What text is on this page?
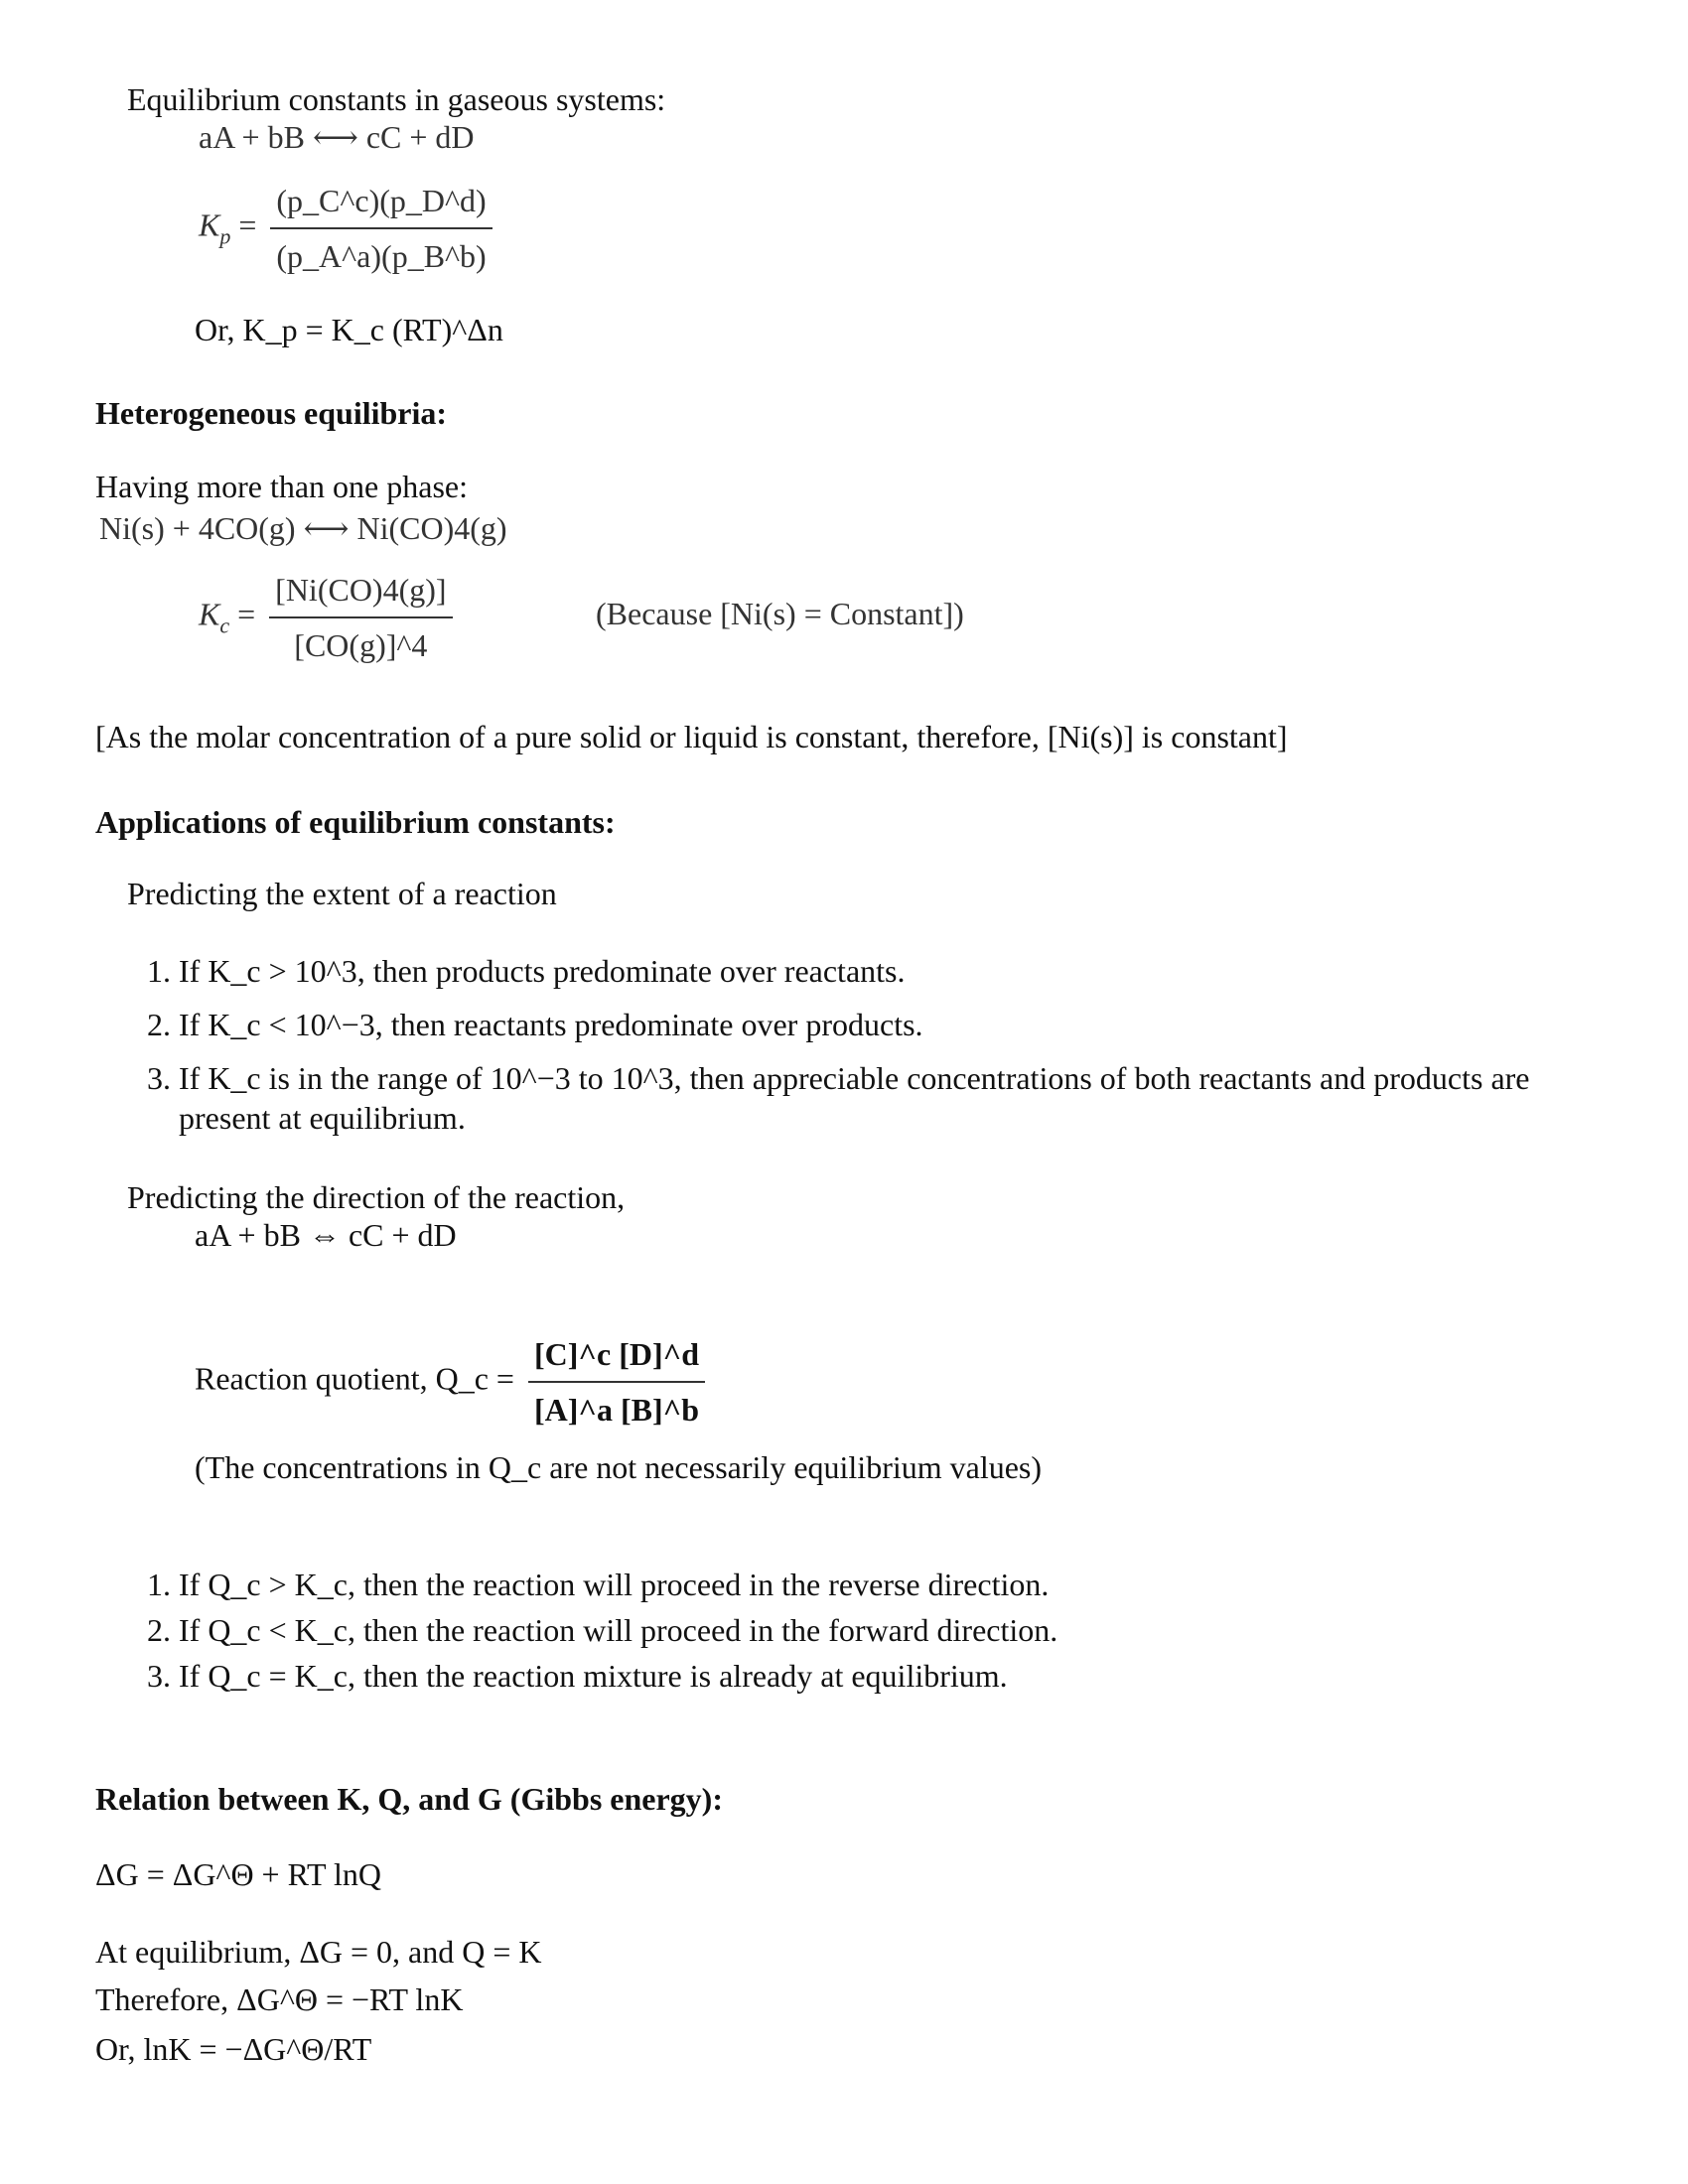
Equilibrium constants in gaseous systems:
aA + bB ⟷ cC + dD
$K_p = \frac{(p\_C\^{}c)(p\_D\^{}d)}{(p\_A\^{}a)(p\_B\^{}b)}$
Or, K_p = K_c (RT)^Δn
Heterogeneous equilibria:
Having more than one phase:
Ni(s) + 4CO(g) ⟷ Ni(CO)4(g)
$K_c = \frac{[Ni(CO)4(g)]}{[CO(g)]\^{}4}$	(Because [Ni(s) = Constant])
[As the molar concentration of a pure solid or liquid is constant, therefore, [Ni(s)] is constant]
Applications of equilibrium constants:
Predicting the extent of a reaction
1. If K_c > 10^3, then products predominate over reactants.
2. If K_c < 10^−3, then reactants predominate over products.
3. If K_c is in the range of 10^−3 to 10^3, then appreciable concentrations of both reactants and products are present at equilibrium.
Predicting the direction of the reaction,
aA + bB ⇔ cC + dD
Reaction quotient, Q_c = $\frac{[C]\^{}c [D]\^{}d}{[A]\^{}a [B]\^{}b}$
(The concentrations in Q_c are not necessarily equilibrium values)
1. If Q_c > K_c, then the reaction will proceed in the reverse direction.
2. If Q_c < K_c, then the reaction will proceed in the forward direction.
3. If Q_c = K_c, then the reaction mixture is already at equilibrium.
Relation between K, Q, and G (Gibbs energy):
ΔG = ΔG^Θ + RT lnQ
At equilibrium, ΔG = 0, and Q = K
Therefore, ΔG^Θ = −RT lnK
Or, lnK = −ΔG^Θ/RT
